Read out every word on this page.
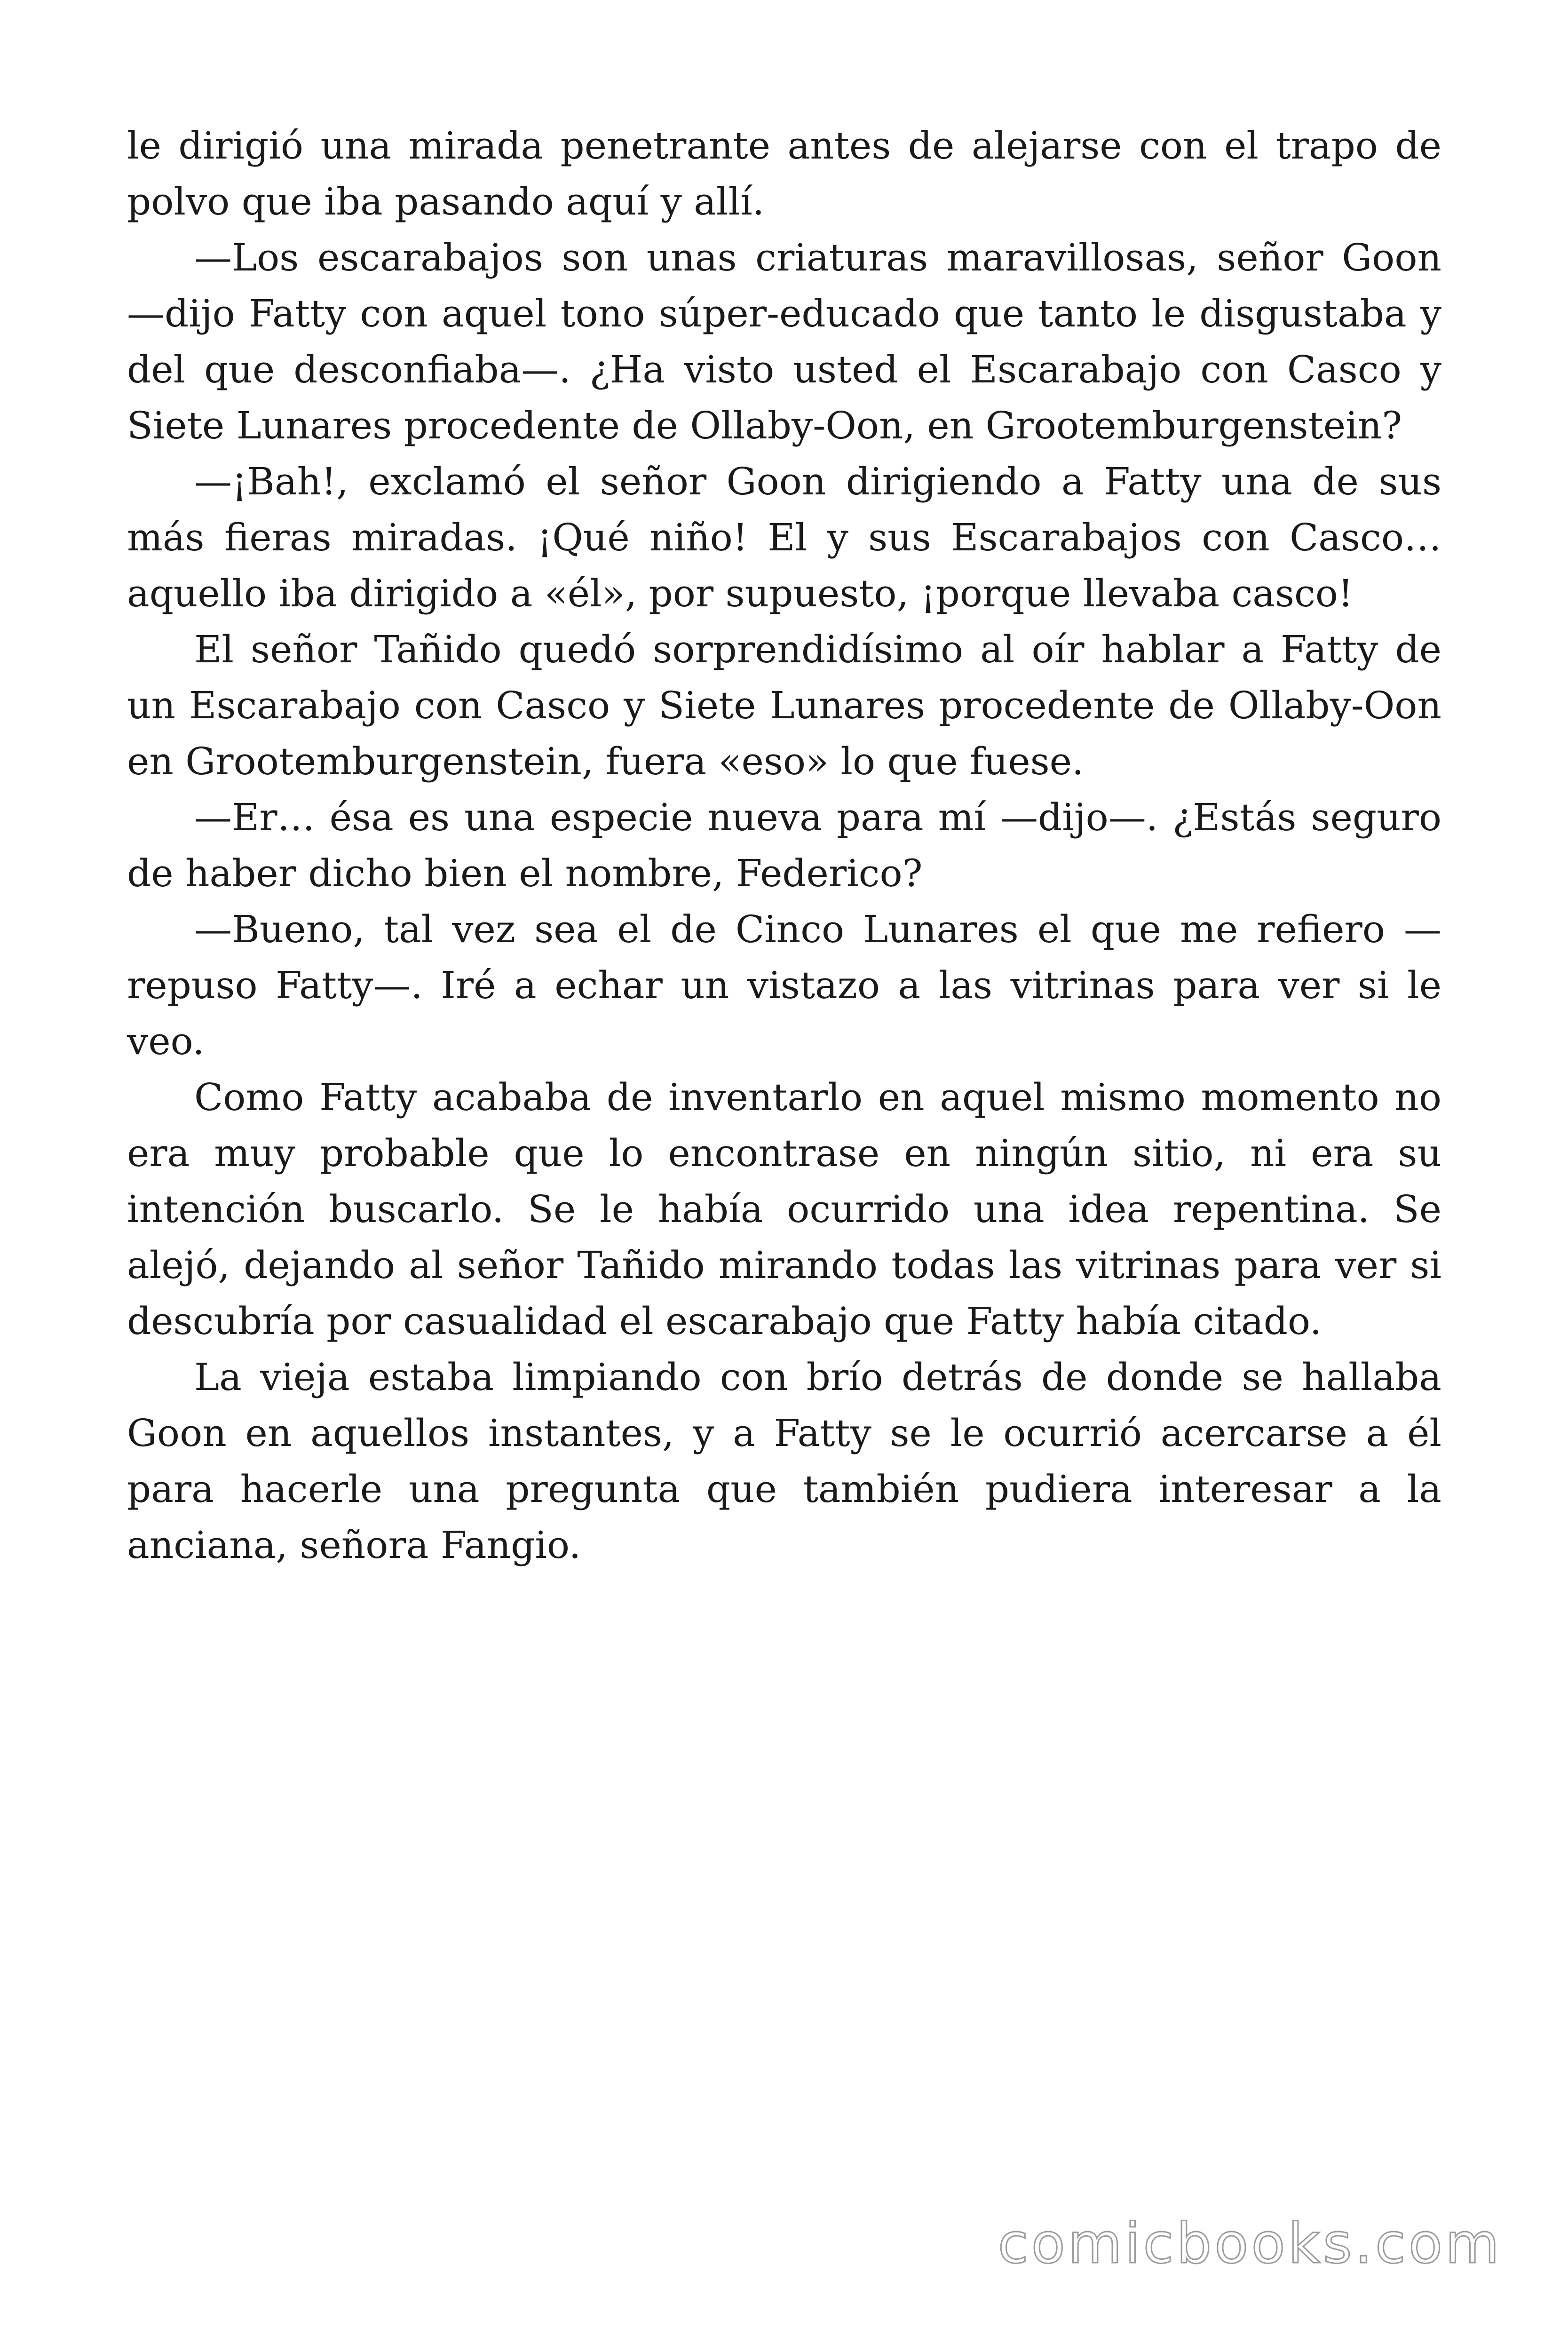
le dirigió una mirada penetrante antes de alejarse con el trapo de polvo que iba pasando aquí y allí.

—Los escarabajos son unas criaturas maravillosas, señor Goon —dijo Fatty con aquel tono súper-educado que tanto le disgustaba y del que desconfiaba—. ¿Ha visto usted el Escarabajo con Casco y Siete Lunares procedente de Ollaby-Oon, en Grootemburgenstein?

—¡Bah!, exclamó el señor Goon dirigiendo a Fatty una de sus más fieras miradas. ¡Qué niño! El y sus Escarabajos con Casco… aquello iba dirigido a «él», por supuesto, ¡porque llevaba casco!

El señor Tañido quedó sorprendidísimo al oír hablar a Fatty de un Escarabajo con Casco y Siete Lunares procedente de Ollaby-Oon en Grootemburgenstein, fuera «eso» lo que fuese.

—Er… ésa es una especie nueva para mí —dijo—. ¿Estás seguro de haber dicho bien el nombre, Federico?

—Bueno, tal vez sea el de Cinco Lunares el que me refiero —repuso Fatty—. Iré a echar un vistazo a las vitrinas para ver si le veo.

Como Fatty acababa de inventarlo en aquel mismo momento no era muy probable que lo encontrase en ningún sitio, ni era su intención buscarlo. Se le había ocurrido una idea repentina. Se alejó, dejando al señor Tañido mirando todas las vitrinas para ver si descubría por casualidad el escarabajo que Fatty había citado.

La vieja estaba limpiando con brío detrás de donde se hallaba Goon en aquellos instantes, y a Fatty se le ocurrió acercarse a él para hacerle una pregunta que también pudiera interesar a la anciana, señora Fangio.

comicbooks.com
